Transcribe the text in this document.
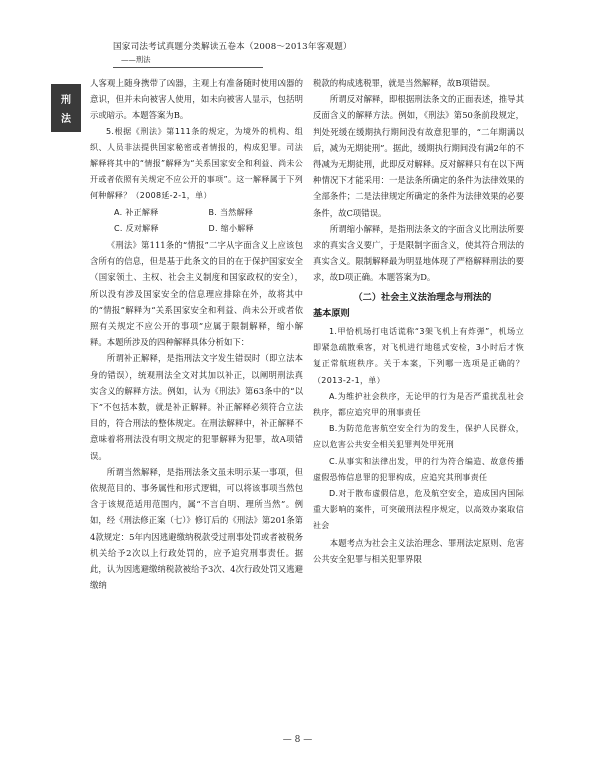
国家司法考试真题分类解读五卷本（2008～2013年客观题）
——刑法
刑
法

人客观上随身携带了凶器，主观上有准备随时使用凶器的意识，但并未向被害人使用，如未向被害人显示，包括明示或暗示。本题答案为B。

5.根据《刑法》第111条的规定，为境外的机构、组织、人员非法提供国家秘密或者情报的，构成犯罪。司法解释将其中的“情报”解释为“关系国家安全和利益、尚未公开或者依照有关规定不应公开的事项”。这一解释属于下列何种解释？（2008延-2-1，单）

A. 补正解释	B. 当然解释
C. 反对解释	D. 缩小解释

《刑法》第111条的“情报”二字从字面含义上应该包含所有的信息，但是基于此条文的目的在于保护国家安全（国家领土、主权、社会主义制度和国家政权的安全），所以没有涉及国家安全的信息理应排除在外，故将其中的“情报”解释为“关系国家安全和利益、尚未公开或者依照有关规定不应公开的事项”应属于限制解释，缩小解释。本题所涉及的四种解释具体分析如下：

所谓补正解释，是指刑法文字发生错误时（即立法本身的错误），统观刑法全文对其加以补正，以阐明刑法真实含义的解释方法。例如，认为《刑法》第63条中的“以下”不包括本数，就是补正解释。补正解释必须符合立法目的，符合刑法的整体规定。在刑法解释中，补正解释不意味着将刑法没有明文规定的犯罪解释为犯罪，故A项错误。

所谓当然解释，是指刑法条文虽未明示某一事项，但依规范目的、事务属性和形式逻辑，可以将该事项当然包含于该规范适用范围内，属“不言自明、理所当然”。例如，经《刑法修正案（七）》修订后的《刑法》第201条第4款规定：5年内因逃避缴纳税款受过刑事处罚或者被税务机关给予2次以上行政处罚的，应予追究刑事责任。据此，认为因逃避缴纳税款被给予3次、4次行政处罚又逃避缴纳

税款的构成逃税罪，就是当然解释，故B项错误。

所谓反对解释，即根据刑法条文的正面表述，推导其反面含义的解释方法。例如，《刑法》第50条前段规定，判处死缓在缓期执行期间没有故意犯罪的，“二年期满以后，减为无期徒刑”。据此，缓期执行期间没有满2年的不得减为无期徒刑，此即反对解释。反对解释只有在以下两种情况下才能采用：一是法条所确定的条件为法律效果的全部条件；二是法律规定所确定的条件为法律效果的必要条件，故C项错误。

所谓缩小解释，是指刑法条文的字面含义比刑法所要求的真实含义要广，于是限制字面含义，使其符合刑法的真实含义。限制解释最为明显地体现了严格解释刑法的要求，故D项正确。本题答案为D。

（二）社会主义法治理念与刑法的
基本原则

1.甲恰机场打电话谎称“3架飞机上有炸弹”，机场立即紧急疏散乘客，对飞机进行地毯式安检，3小时后才恢复正常航班秩序。关于本案，下列哪一选项是正确的？（2013-2-1，单）

A.为维护社会秩序，无论甲的行为是否严重扰乱社会秩序，都应追究甲的刑事责任

B.为防范危害航空安全行为的发生，保护人民群众，应以危害公共安全相关犯罪判处甲死刑

C.从事实和法律出发，甲的行为符合编造、故意传播虚假恐怖信息罪的犯罪构成，应追究其刑事责任

D.对于散布虚假信息，危及航空安全，造成国内国际重大影响的案件，可突破刑法程序规定，以高效办案取信社会

本题考点为社会主义法治理念、罪刑法定原则、危害公共安全犯罪与相关犯罪界限

— 8 —
